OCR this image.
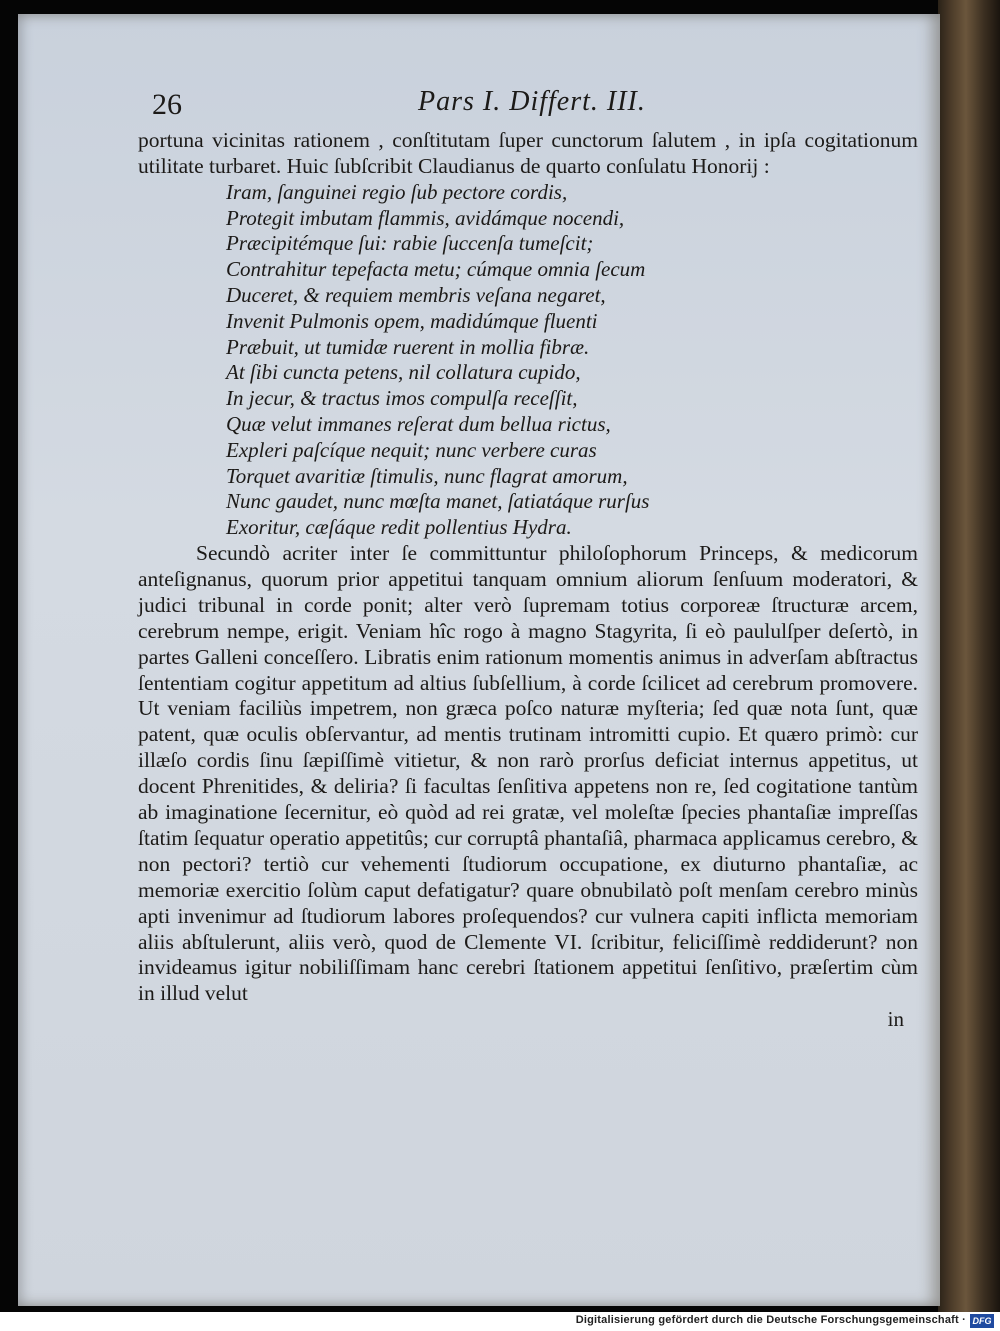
26	Pars I. Differt. III.

portuna vicinitas rationem , conſtitutam ſuper cunctorum ſalutem , in ipſa cogitationum utilitate turbaret. Huic ſubſcribit Claudianus de quarto conſulatu Honorij :

Iram, ſanguinei regio ſub pectore cordis,
Protegit imbutam flammis, avidámque nocendi,
Præcipitémque ſui: rabie ſuccenſa tumeſcit;
Contrahitur tepefacta metu; cúmque omnia ſecum
Duceret, & requiem membris veſana negaret,
Invenit Pulmonis opem, madidúmque fluenti
Præbuit, ut tumidæ ruerent in mollia fibræ.
At ſibi cuncta petens, nil collatura cupido,
In jecur, & tractus imos compulſa receſſit,
Quæ velut immanes reſerat dum bellua rictus,
Expleri paſcíque nequit; nunc verbere curas
Torquet avaritiæ ſtimulis, nunc flagrat amorum,
Nunc gaudet, nunc mœſta manet, ſatiatáque rurſus
Exoritur, cæſáque redit pollentius Hydra.

Secundò acriter inter ſe committuntur philoſophorum Princeps, & medicorum anteſignanus, quorum prior appetitui tanquam omnium aliorum ſenſuum moderatori, & judici tribunal in corde ponit; alter verò ſupremam totius corporeæ ſtructuræ arcem, cerebrum nempe, erigit. Veniam hîc rogo à magno Stagyrita, ſi eò paululſper deſertò, in partes Galleni conceſſero. Libratis enim rationum momentis animus in adverſam abſtractus ſententiam cogitur appetitum ad altius ſubſellium, à corde ſcilicet ad cerebrum promovere. Ut veniam faciliùs impetrem, non græca poſco naturæ myſteria; ſed quæ nota ſunt, quæ patent, quæ oculis obſervantur, ad mentis trutinam intromitti cupio. Et quæro primò: cur illæſo cordis ſinu ſæpiſſimè vitietur, & non rarò prorſus deficiat internus appetitus, ut docent Phrenitides, & deliria? ſi facultas ſenſitiva appetens non re, ſed cogitatione tantùm ab imaginatione ſecernitur, eò quòd ad rei gratæ, vel moleſtæ ſpecies phantaſiæ impreſſas ſtatim ſequatur operatio appetitûs; cur corruptâ phantaſiâ, pharmaca applicamus cerebro, & non pectori? tertiò cur vehementi ſtudiorum occupatione, ex diuturno phantaſiæ, ac memoriæ exercitio ſolùm caput defatigatur? quare obnubilatò poſt menſam cerebro minùs apti invenimur ad ſtudiorum labores proſequendos? cur vulnera capiti inflicta memoriam aliis abſtulerunt, aliis verò, quod de Clemente VI. ſcribitur, feliciſſimè reddiderunt? non invideamus igitur nobiliſſimam hanc cerebri ſtationem appetitui ſenſitivo, præſertim cùm in illud velut

in
Digitalisierung gefördert durch die Deutsche Forschungsgemeinschaft · DFG
